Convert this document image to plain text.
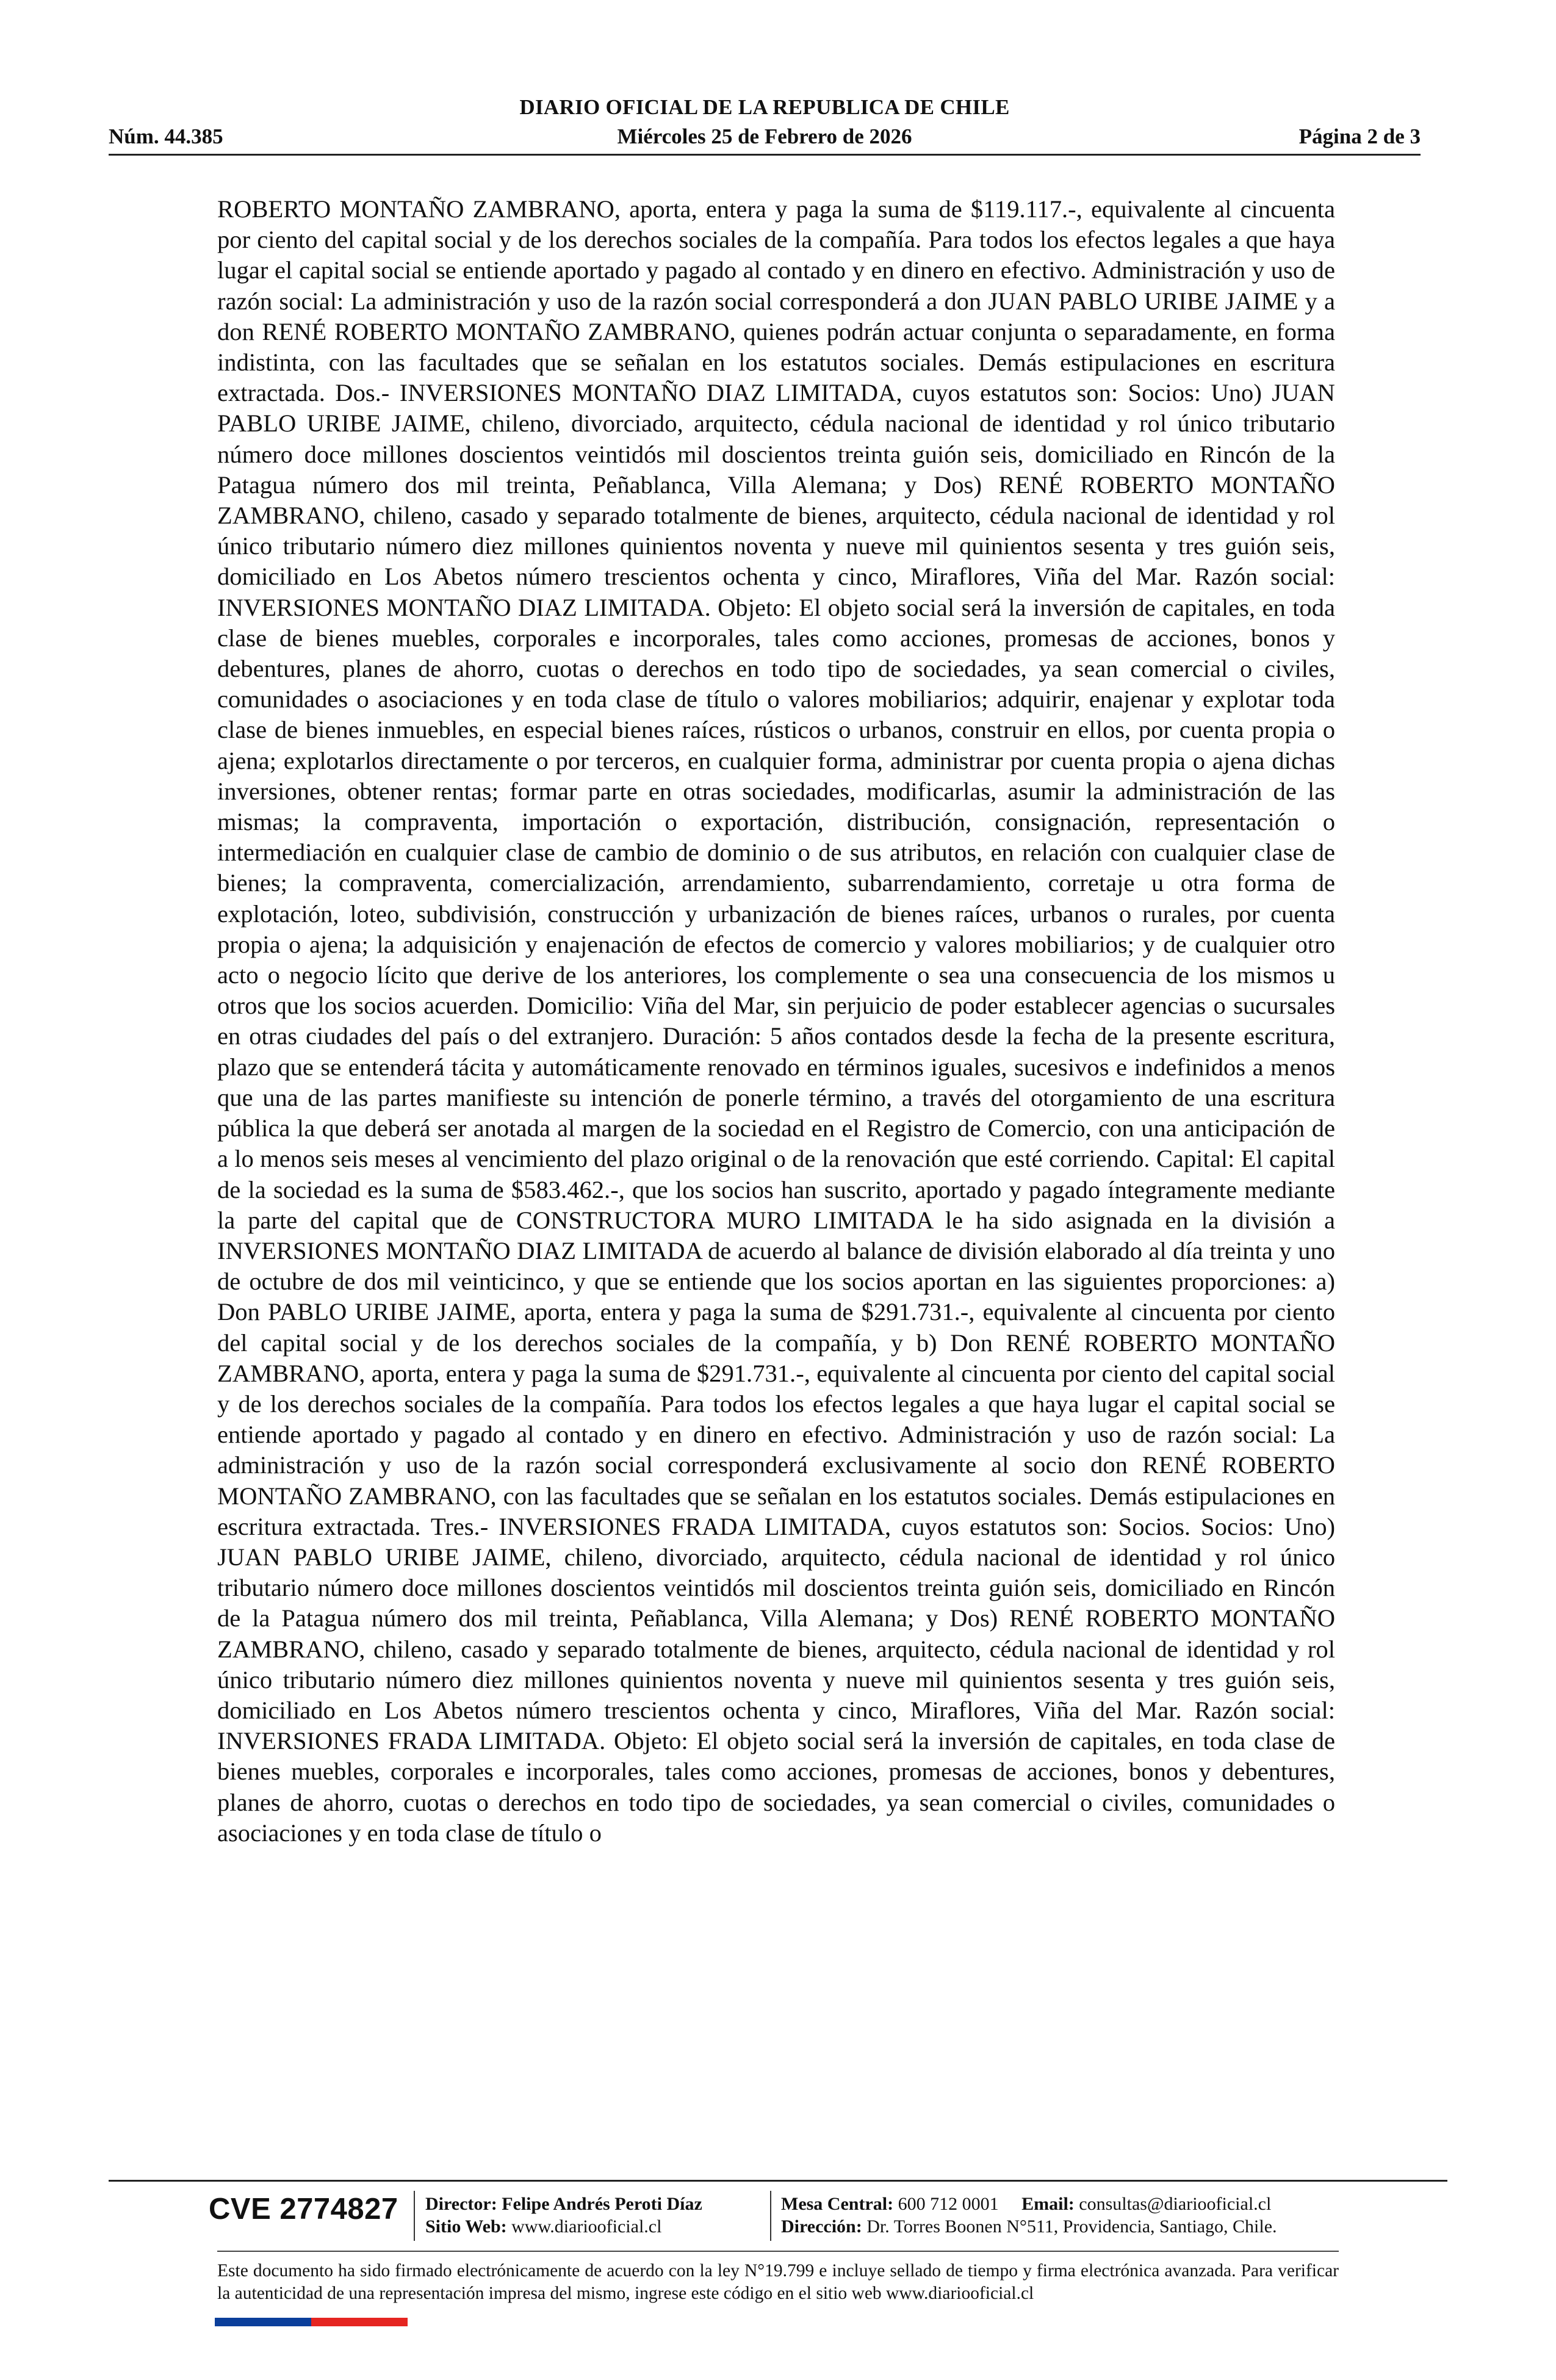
DIARIO OFICIAL DE LA REPUBLICA DE CHILE
Núm. 44.385	Miércoles 25 de Febrero de 2026	Página 2 de 3
ROBERTO MONTAÑO ZAMBRANO, aporta, entera y paga la suma de $119.117.-, equivalente al cincuenta por ciento del capital social y de los derechos sociales de la compañía. Para todos los efectos legales a que haya lugar el capital social se entiende aportado y pagado al contado y en dinero en efectivo. Administración y uso de razón social: La administración y uso de la razón social corresponderá a don JUAN PABLO URIBE JAIME y a don RENÉ ROBERTO MONTAÑO ZAMBRANO, quienes podrán actuar conjunta o separadamente, en forma indistinta, con las facultades que se señalan en los estatutos sociales. Demás estipulaciones en escritura extractada. Dos.- INVERSIONES MONTAÑO DIAZ LIMITADA, cuyos estatutos son: Socios: Uno) JUAN PABLO URIBE JAIME, chileno, divorciado, arquitecto, cédula nacional de identidad y rol único tributario número doce millones doscientos veintidós mil doscientos treinta guión seis, domiciliado en Rincón de la Patagua número dos mil treinta, Peñablanca, Villa Alemana; y Dos) RENÉ ROBERTO MONTAÑO ZAMBRANO, chileno, casado y separado totalmente de bienes, arquitecto, cédula nacional de identidad y rol único tributario número diez millones quinientos noventa y nueve mil quinientos sesenta y tres guión seis, domiciliado en Los Abetos número trescientos ochenta y cinco, Miraflores, Viña del Mar. Razón social: INVERSIONES MONTAÑO DIAZ LIMITADA. Objeto: El objeto social será la inversión de capitales, en toda clase de bienes muebles, corporales e incorporales, tales como acciones, promesas de acciones, bonos y debentures, planes de ahorro, cuotas o derechos en todo tipo de sociedades, ya sean comercial o civiles, comunidades o asociaciones y en toda clase de título o valores mobiliarios; adquirir, enajenar y explotar toda clase de bienes inmuebles, en especial bienes raíces, rústicos o urbanos, construir en ellos, por cuenta propia o ajena; explotarlos directamente o por terceros, en cualquier forma, administrar por cuenta propia o ajena dichas inversiones, obtener rentas; formar parte en otras sociedades, modificarlas, asumir la administración de las mismas; la compraventa, importación o exportación, distribución, consignación, representación o intermediación en cualquier clase de cambio de dominio o de sus atributos, en relación con cualquier clase de bienes; la compraventa, comercialización, arrendamiento, subarrendamiento, corretaje u otra forma de explotación, loteo, subdivisión, construcción y urbanización de bienes raíces, urbanos o rurales, por cuenta propia o ajena; la adquisición y enajenación de efectos de comercio y valores mobiliarios; y de cualquier otro acto o negocio lícito que derive de los anteriores, los complemente o sea una consecuencia de los mismos u otros que los socios acuerden. Domicilio: Viña del Mar, sin perjuicio de poder establecer agencias o sucursales en otras ciudades del país o del extranjero. Duración: 5 años contados desde la fecha de la presente escritura, plazo que se entenderá tácita y automáticamente renovado en términos iguales, sucesivos e indefinidos a menos que una de las partes manifieste su intención de ponerle término, a través del otorgamiento de una escritura pública la que deberá ser anotada al margen de la sociedad en el Registro de Comercio, con una anticipación de a lo menos seis meses al vencimiento del plazo original o de la renovación que esté corriendo. Capital: El capital de la sociedad es la suma de $583.462.-, que los socios han suscrito, aportado y pagado íntegramente mediante la parte del capital que de CONSTRUCTORA MURO LIMITADA le ha sido asignada en la división a INVERSIONES MONTAÑO DIAZ LIMITADA de acuerdo al balance de división elaborado al día treinta y uno de octubre de dos mil veinticinco, y que se entiende que los socios aportan en las siguientes proporciones: a) Don PABLO URIBE JAIME, aporta, entera y paga la suma de $291.731.-, equivalente al cincuenta por ciento del capital social y de los derechos sociales de la compañía, y b) Don RENÉ ROBERTO MONTAÑO ZAMBRANO, aporta, entera y paga la suma de $291.731.-, equivalente al cincuenta por ciento del capital social y de los derechos sociales de la compañía. Para todos los efectos legales a que haya lugar el capital social se entiende aportado y pagado al contado y en dinero en efectivo. Administración y uso de razón social: La administración y uso de la razón social corresponderá exclusivamente al socio don RENÉ ROBERTO MONTAÑO ZAMBRANO, con las facultades que se señalan en los estatutos sociales. Demás estipulaciones en escritura extractada. Tres.- INVERSIONES FRADA LIMITADA, cuyos estatutos son: Socios. Socios: Uno) JUAN PABLO URIBE JAIME, chileno, divorciado, arquitecto, cédula nacional de identidad y rol único tributario número doce millones doscientos veintidós mil doscientos treinta guión seis, domiciliado en Rincón de la Patagua número dos mil treinta, Peñablanca, Villa Alemana; y Dos) RENÉ ROBERTO MONTAÑO ZAMBRANO, chileno, casado y separado totalmente de bienes, arquitecto, cédula nacional de identidad y rol único tributario número diez millones quinientos noventa y nueve mil quinientos sesenta y tres guión seis, domiciliado en Los Abetos número trescientos ochenta y cinco, Miraflores, Viña del Mar. Razón social: INVERSIONES FRADA LIMITADA. Objeto: El objeto social será la inversión de capitales, en toda clase de bienes muebles, corporales e incorporales, tales como acciones, promesas de acciones, bonos y debentures, planes de ahorro, cuotas o derechos en todo tipo de sociedades, ya sean comercial o civiles, comunidades o asociaciones y en toda clase de título o
CVE 2774827 Director: Felipe Andrés Peroti Díaz
Sitio Web: www.diariooficial.cl
Mesa Central: 600 712 0001 Email: consultas@diariooficial.cl
Dirección: Dr. Torres Boonen N°511, Providencia, Santiago, Chile.
Este documento ha sido firmado electrónicamente de acuerdo con la ley N°19.799 e incluye sellado de tiempo y firma electrónica avanzada. Para verificar la autenticidad de una representación impresa del mismo, ingrese este código en el sitio web www.diariooficial.cl
